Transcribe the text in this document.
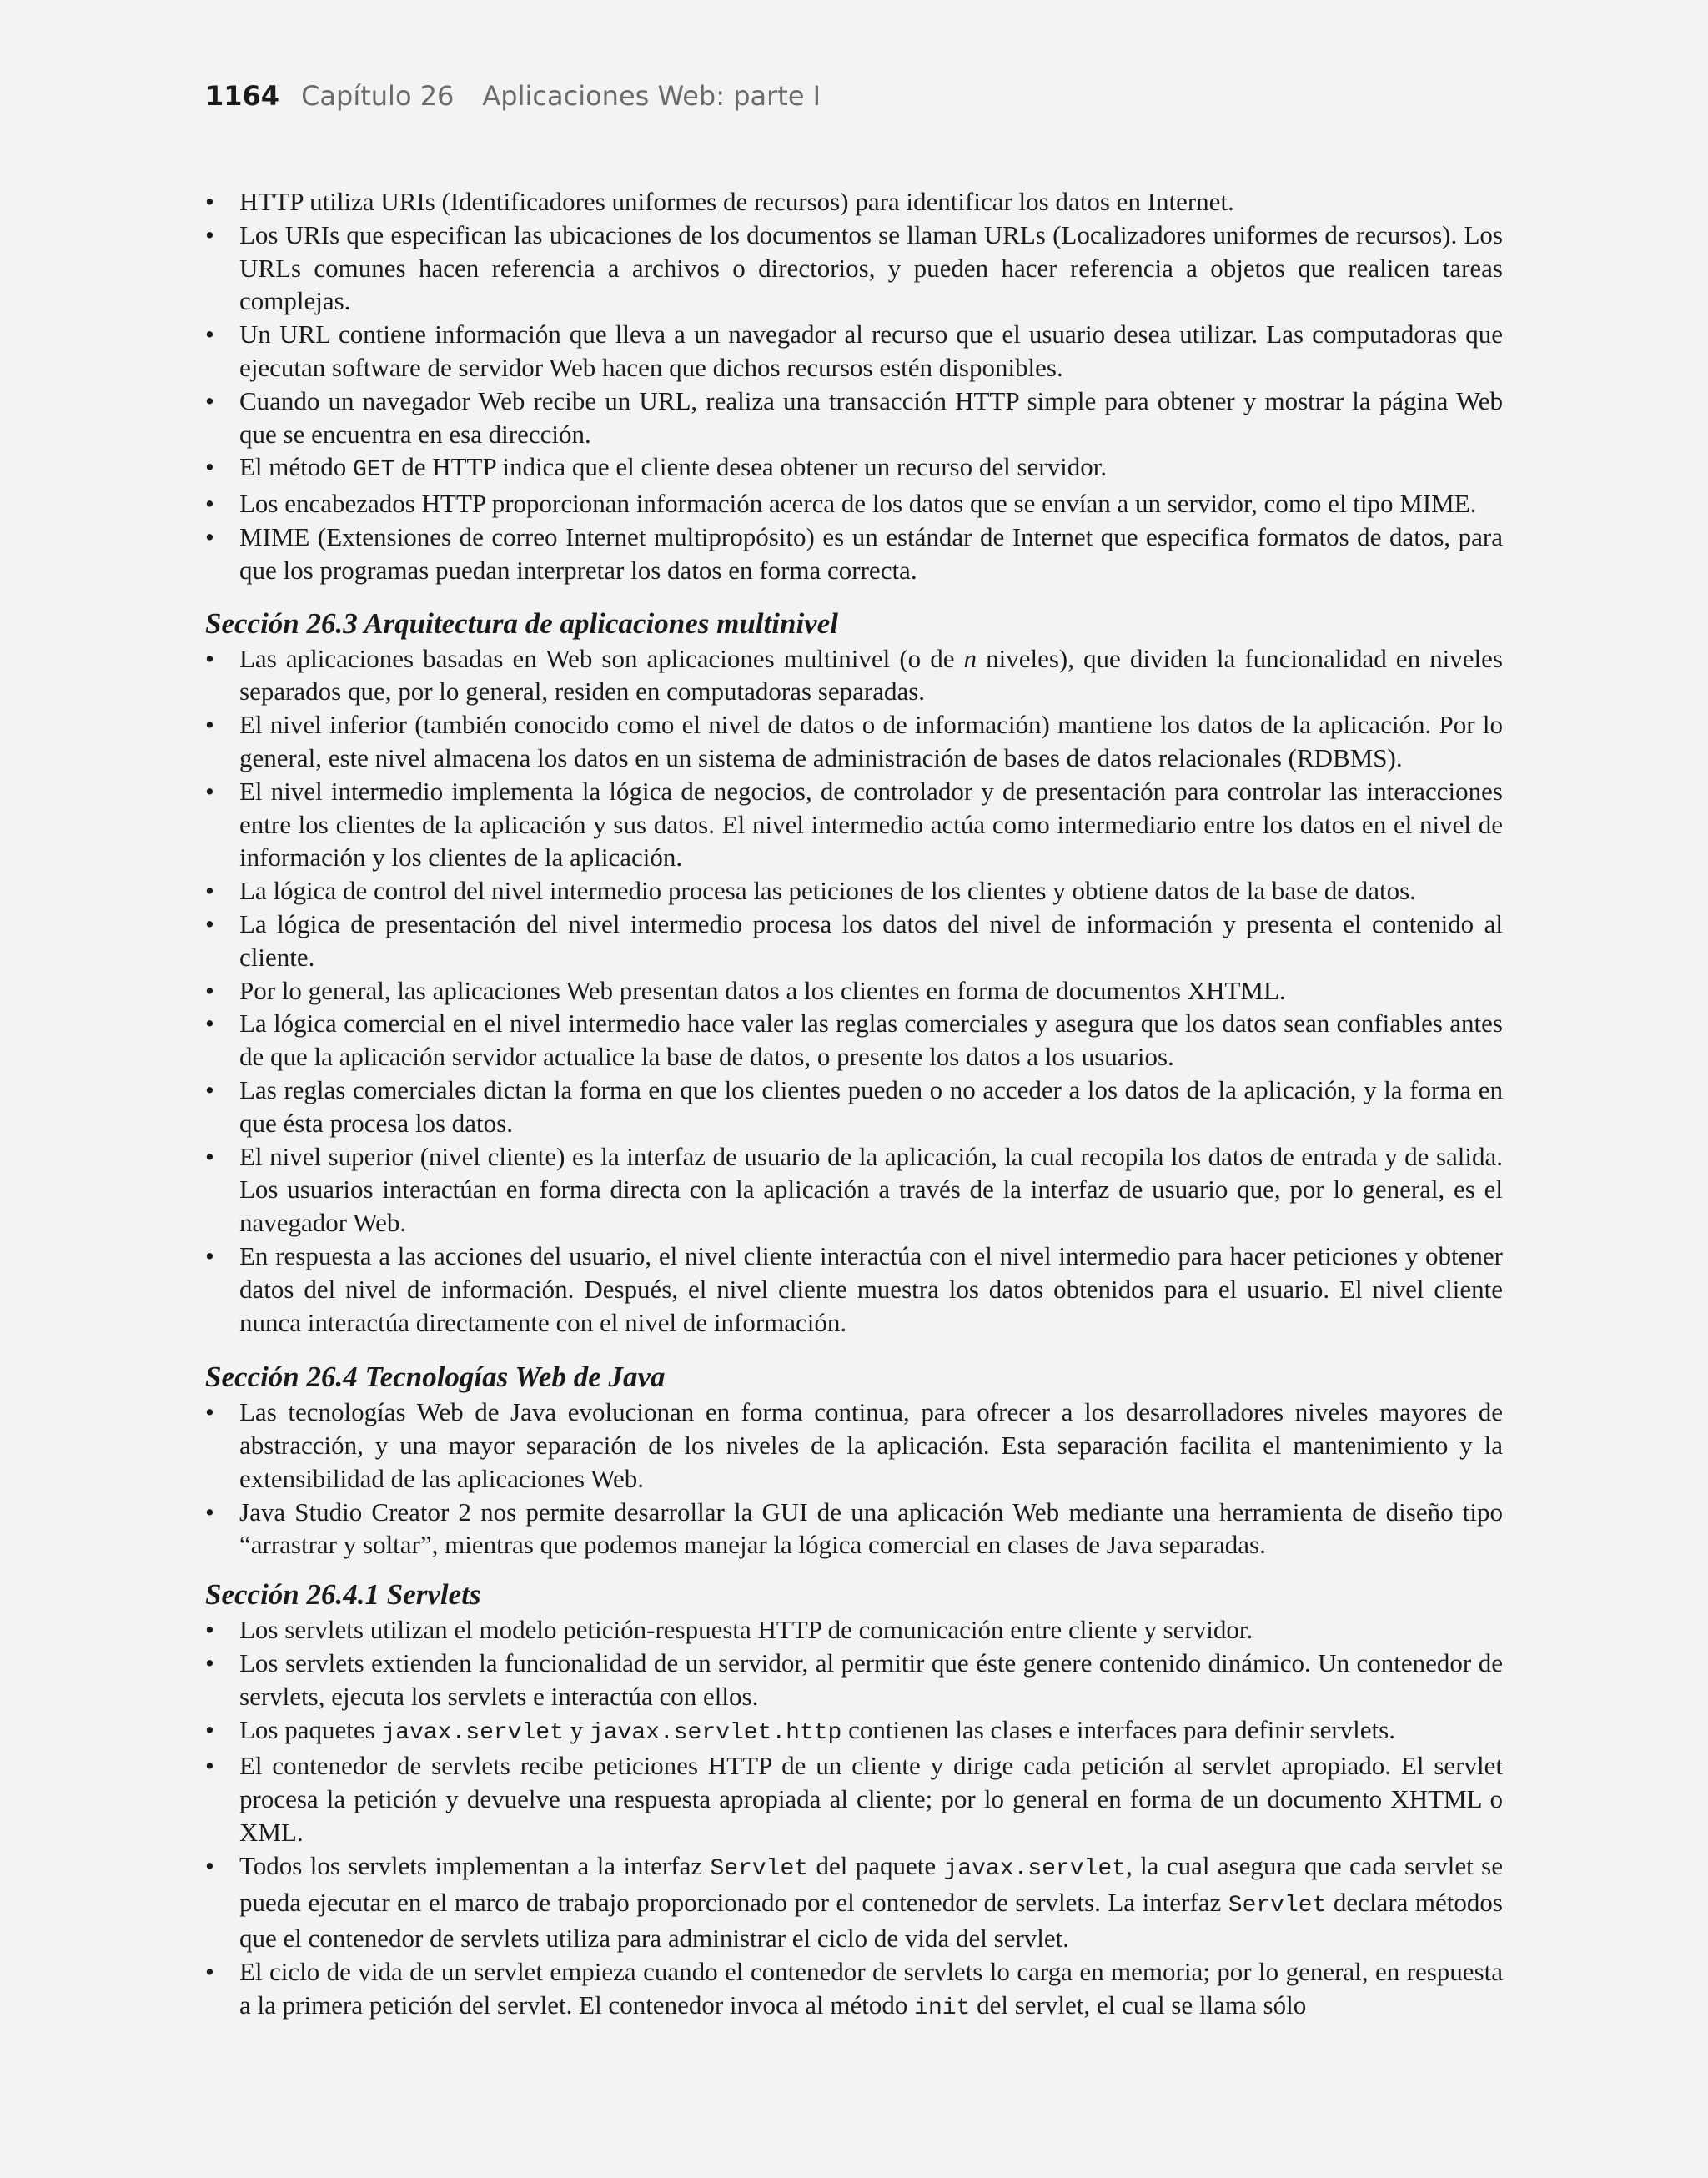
1164 Capítulo 26 Aplicaciones Web: parte I
• HTTP utiliza URIs (Identificadores uniformes de recursos) para identificar los datos en Internet.
• Los URIs que especifican las ubicaciones de los documentos se llaman URLs (Localizadores uniformes de recursos). Los URLs comunes hacen referencia a archivos o directorios, y pueden hacer referencia a objetos que realicen tareas complejas.
• Un URL contiene información que lleva a un navegador al recurso que el usuario desea utilizar. Las computadoras que ejecutan software de servidor Web hacen que dichos recursos estén disponibles.
• Cuando un navegador Web recibe un URL, realiza una transacción HTTP simple para obtener y mostrar la página Web que se encuentra en esa dirección.
• El método GET de HTTP indica que el cliente desea obtener un recurso del servidor.
• Los encabezados HTTP proporcionan información acerca de los datos que se envían a un servidor, como el tipo MIME.
• MIME (Extensiones de correo Internet multipropósito) es un estándar de Internet que especifica formatos de datos, para que los programas puedan interpretar los datos en forma correcta.
Sección 26.3 Arquitectura de aplicaciones multinivel
• Las aplicaciones basadas en Web son aplicaciones multinivel (o de n niveles), que dividen la funcionalidad en niveles separados que, por lo general, residen en computadoras separadas.
• El nivel inferior (también conocido como el nivel de datos o de información) mantiene los datos de la aplicación. Por lo general, este nivel almacena los datos en un sistema de administración de bases de datos relacionales (RDBMS).
• El nivel intermedio implementa la lógica de negocios, de controlador y de presentación para controlar las interacciones entre los clientes de la aplicación y sus datos. El nivel intermedio actúa como intermediario entre los datos en el nivel de información y los clientes de la aplicación.
• La lógica de control del nivel intermedio procesa las peticiones de los clientes y obtiene datos de la base de datos.
• La lógica de presentación del nivel intermedio procesa los datos del nivel de información y presenta el contenido al cliente.
• Por lo general, las aplicaciones Web presentan datos a los clientes en forma de documentos XHTML.
• La lógica comercial en el nivel intermedio hace valer las reglas comerciales y asegura que los datos sean confiables antes de que la aplicación servidor actualice la base de datos, o presente los datos a los usuarios.
• Las reglas comerciales dictan la forma en que los clientes pueden o no acceder a los datos de la aplicación, y la forma en que ésta procesa los datos.
• El nivel superior (nivel cliente) es la interfaz de usuario de la aplicación, la cual recopila los datos de entrada y de salida. Los usuarios interactúan en forma directa con la aplicación a través de la interfaz de usuario que, por lo general, es el navegador Web.
• En respuesta a las acciones del usuario, el nivel cliente interactúa con el nivel intermedio para hacer peticiones y obtener datos del nivel de información. Después, el nivel cliente muestra los datos obtenidos para el usuario. El nivel cliente nunca interactúa directamente con el nivel de información.
Sección 26.4 Tecnologías Web de Java
• Las tecnologías Web de Java evolucionan en forma continua, para ofrecer a los desarrolladores niveles mayores de abstracción, y una mayor separación de los niveles de la aplicación. Esta separación facilita el mantenimiento y la extensibilidad de las aplicaciones Web.
• Java Studio Creator 2 nos permite desarrollar la GUI de una aplicación Web mediante una herramienta de diseño tipo “arrastrar y soltar”, mientras que podemos manejar la lógica comercial en clases de Java separadas.
Sección 26.4.1 Servlets
• Los servlets utilizan el modelo petición-respuesta HTTP de comunicación entre cliente y servidor.
• Los servlets extienden la funcionalidad de un servidor, al permitir que éste genere contenido dinámico. Un contenedor de servlets, ejecuta los servlets e interactúa con ellos.
• Los paquetes javax.servlet y javax.servlet.http contienen las clases e interfaces para definir servlets.
• El contenedor de servlets recibe peticiones HTTP de un cliente y dirige cada petición al servlet apropiado. El servlet procesa la petición y devuelve una respuesta apropiada al cliente; por lo general en forma de un documento XHTML o XML.
• Todos los servlets implementan a la interfaz Servlet del paquete javax.servlet, la cual asegura que cada servlet se pueda ejecutar en el marco de trabajo proporcionado por el contenedor de servlets. La interfaz Servlet declara métodos que el contenedor de servlets utiliza para administrar el ciclo de vida del servlet.
• El ciclo de vida de un servlet empieza cuando el contenedor de servlets lo carga en memoria; por lo general, en respuesta a la primera petición del servlet. El contenedor invoca al método init del servlet, el cual se llama sólo
